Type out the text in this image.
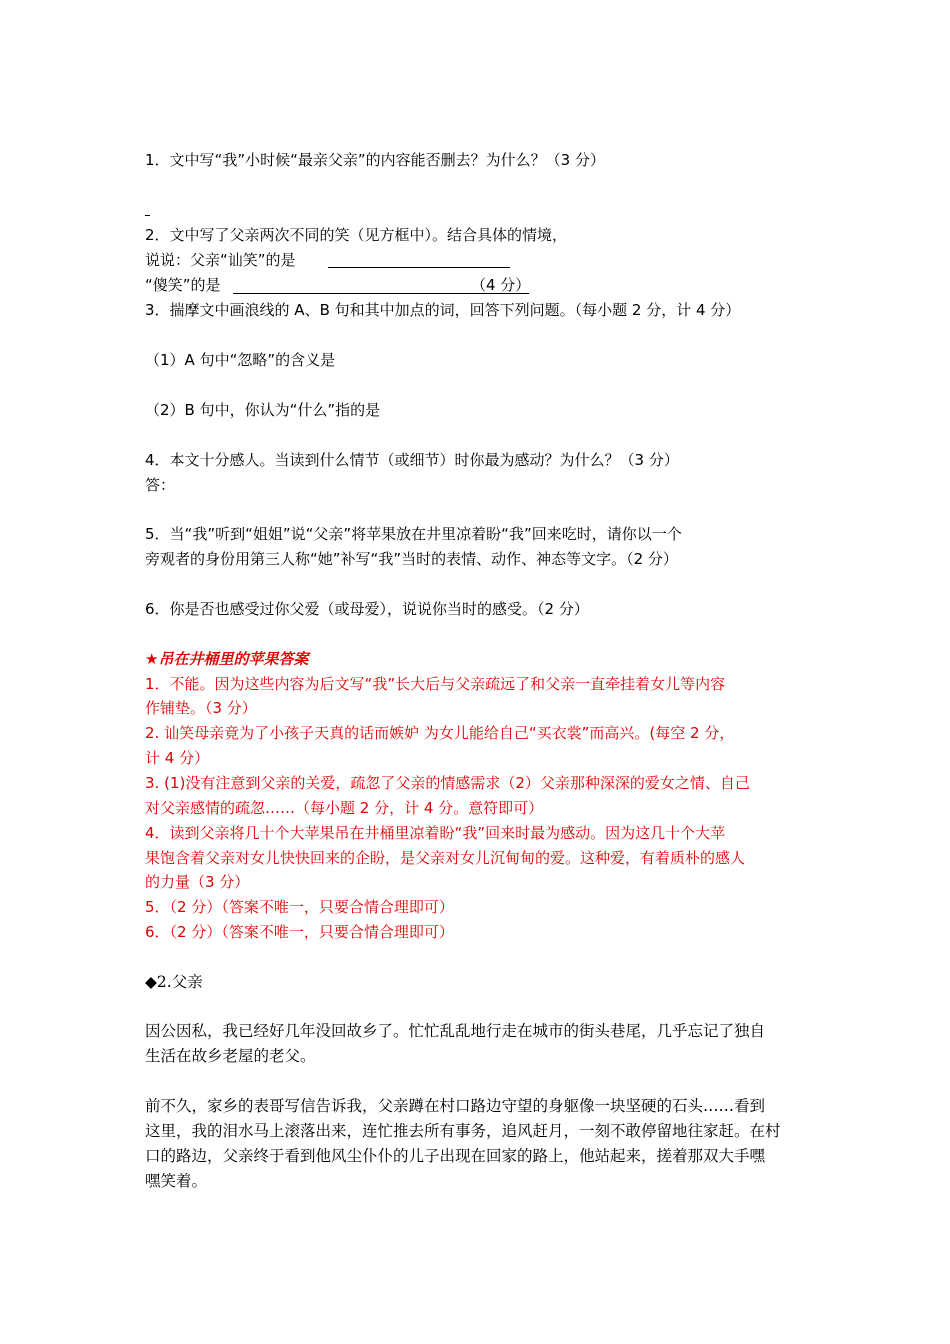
1．文中写“我”小时候“最亲父亲”的内容能否删去？为什么？（3 分）
2．文中写了父亲两次不同的笑（见方框中）。结合具体的情境，
说说：父亲“讪笑”的是
“傻笑”的是	（4 分）
3．揣摩文中画浪线的 A、B 句和其中加点的词，回答下列问题。（每小题 2 分，计 4 分）
（1）A 句中“忽略”的含义是
（2）B 句中，你认为“什么”指的是
4．本文十分感人。当读到什么情节（或细节）时你最为感动？为什么？（3 分）
答：
5．当“我”听到“姐姐”说“父亲”将苹果放在井里凉着盼“我”回来吃时，请你以一个
旁观者的身份用第三人称“她”补写“我”当时的表情、动作、神态等文字。（2 分）
6．你是否也感受过你父爱（或母爱），说说你当时的感受。（2 分）
★吊在井桶里的苹果答案
1．不能。因为这些内容为后文写“我”长大后与父亲疏远了和父亲一直牵挂着女儿等内容
作铺垫。（3 分）
2. 讪笑母亲竟为了小孩子天真的话而嫉妒 为女儿能给自己“买衣裳”而高兴。(每空 2 分，
计 4 分）
3. (1)没有注意到父亲的关爱，疏忽了父亲的情感需求（2）父亲那种深深的爱女之情、自己
对父亲感情的疏忽……（每小题 2 分，计 4 分。意符即可）
4．读到父亲将几十个大苹果吊在井桶里凉着盼“我”回来时最为感动。因为这几十个大苹
果饱含着父亲对女儿快快回来的企盼，是父亲对女儿沉甸甸的爱。这种爱，有着质朴的感人
的力量（3 分）
5．（2 分）（答案不唯一，只要合情合理即可）
6．（2 分）（答案不唯一，只要合情合理即可）
◆2.父亲
因公因私，我已经好几年没回故乡了。忙忙乱乱地行走在城市的街头巷尾，几乎忘记了独自
生活在故乡老屋的老父。
前不久，家乡的表哥写信告诉我，父亲蹲在村口路边守望的身躯像一块坚硬的石头……看到
这里，我的泪水马上滚落出来，连忙推去所有事务，追风赶月，一刻不敢停留地往家赶。在村
口的路边，父亲终于看到他风尘仆仆的儿子出现在回家的路上，他站起来，搓着那双大手嘿
嘿笑着。
